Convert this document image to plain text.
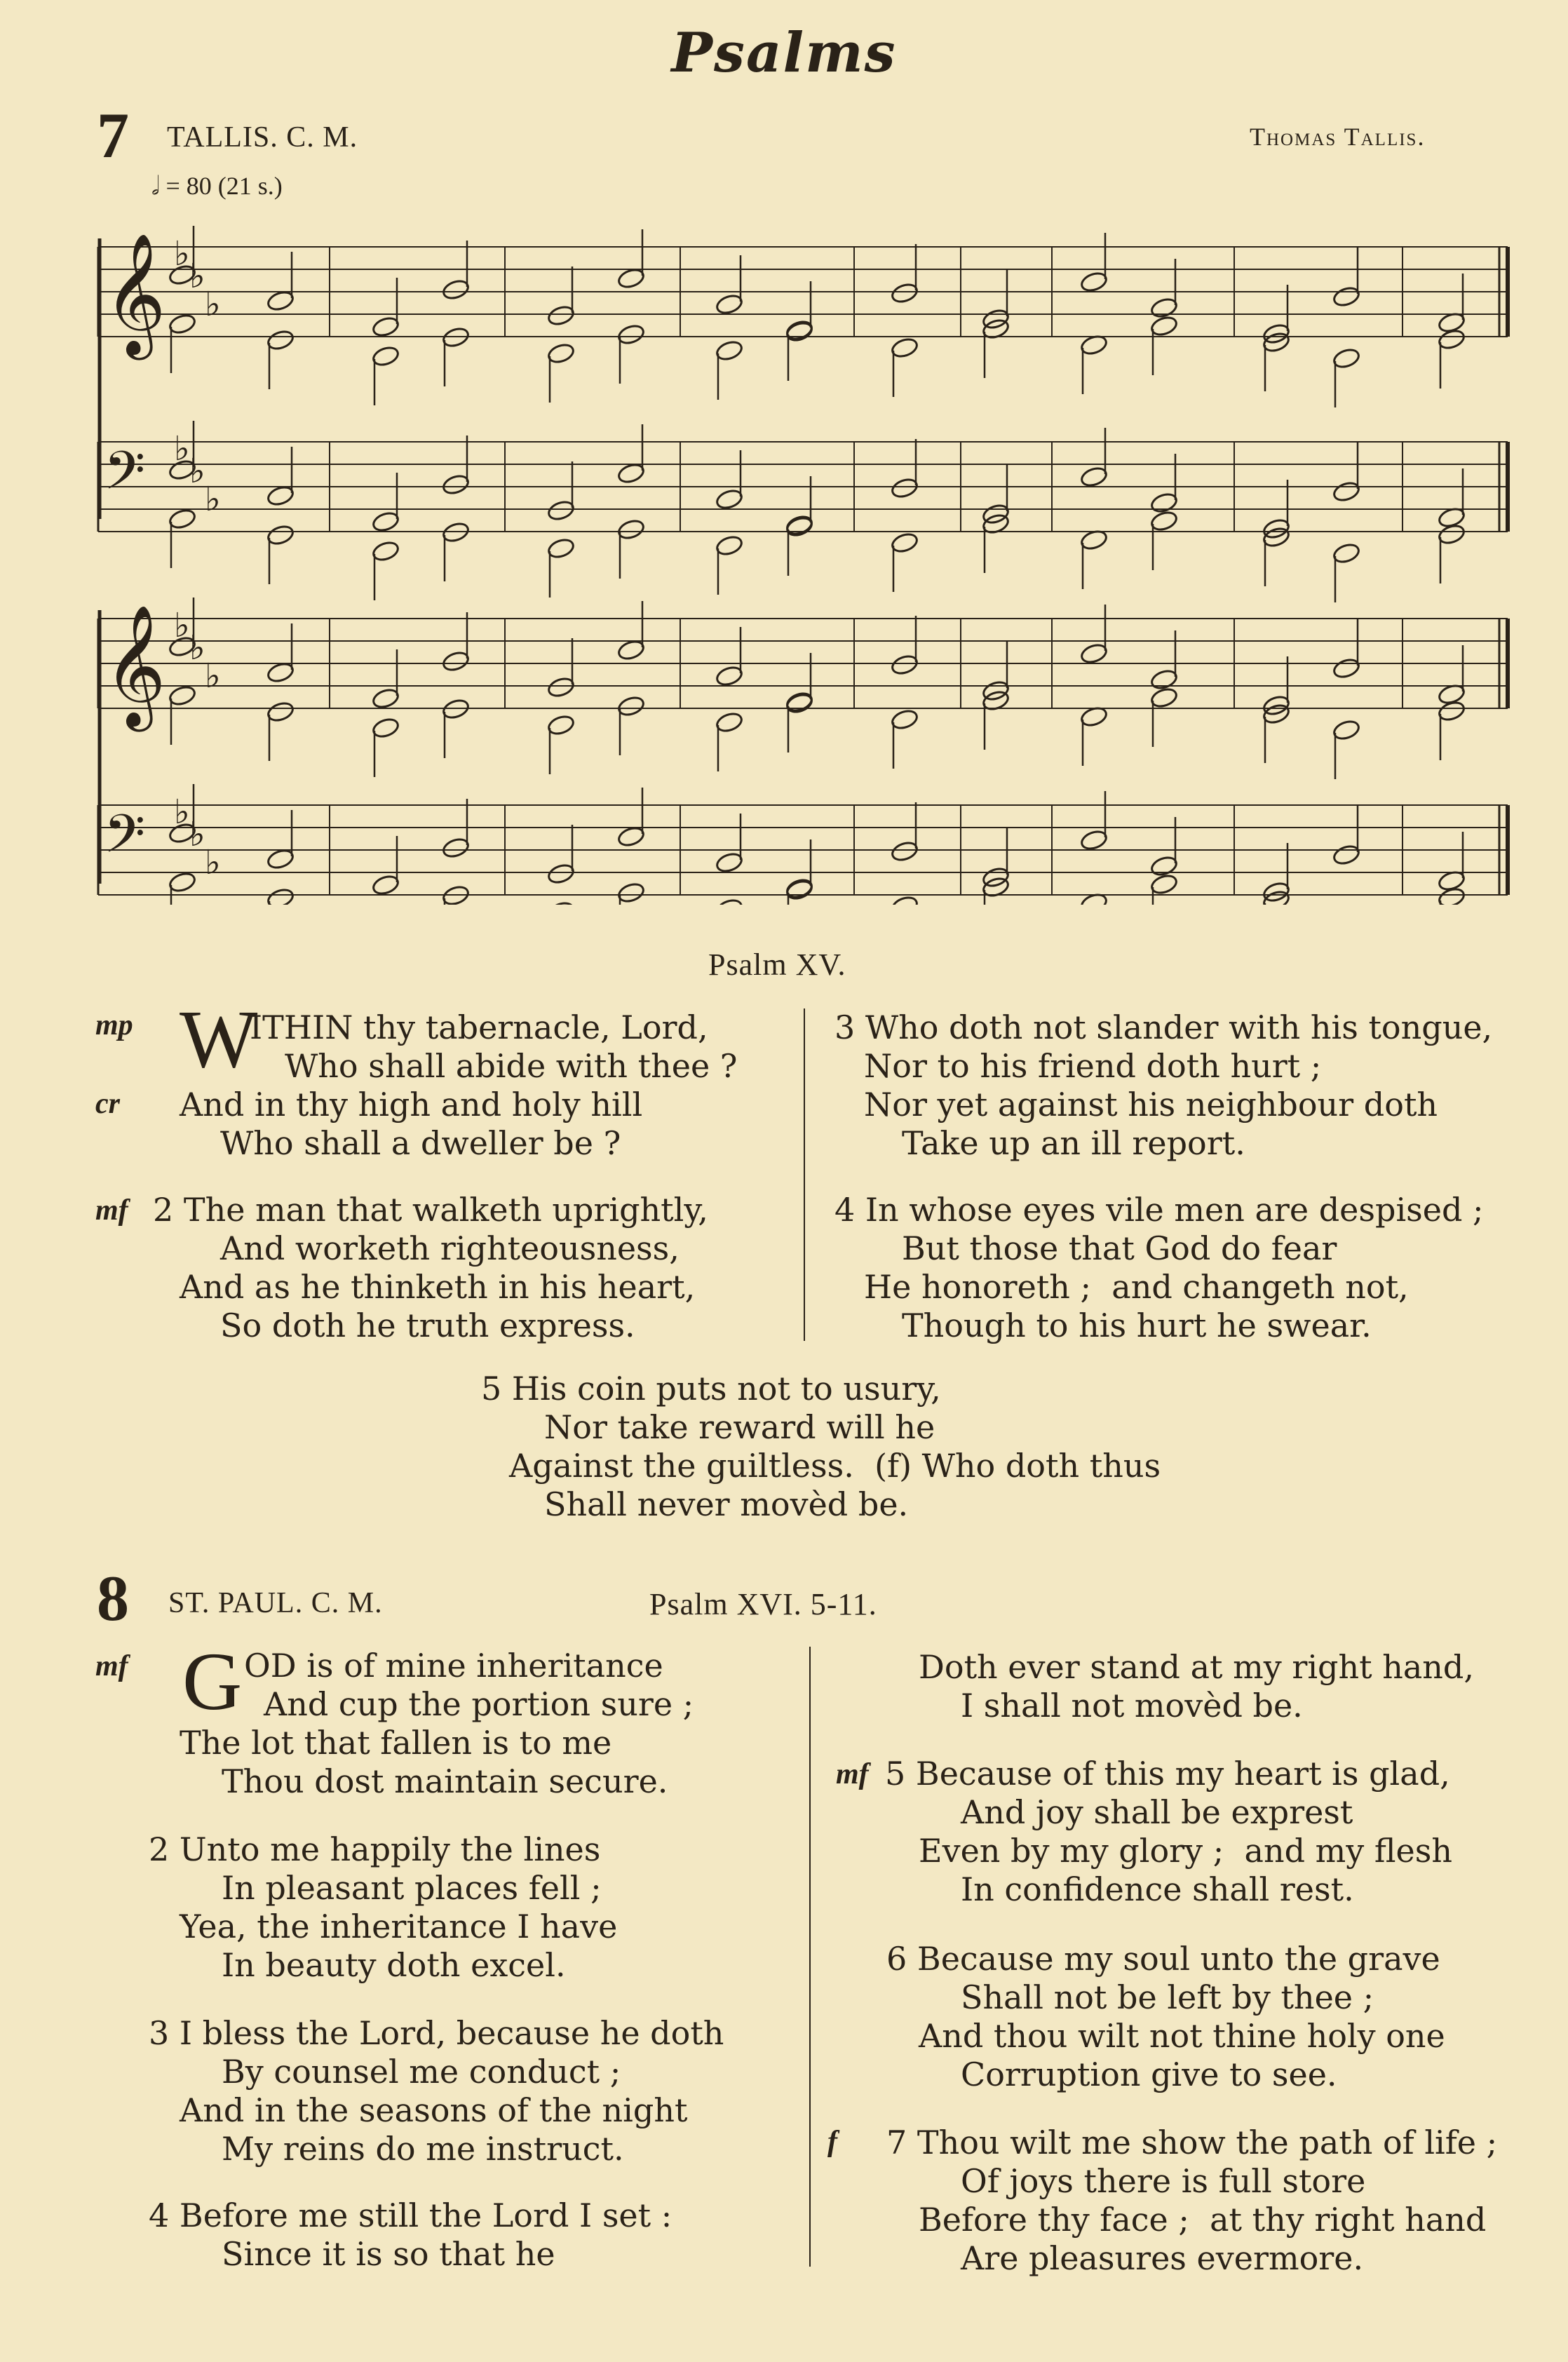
Psalms
7 TALLIS. C. M.	Thomas Tallis.
𝅗𝅥 = 80 (21 s.)
𝄞 ♭
♭
♭
𝄢 ♭
♭
♭
𝄞 ♭
♭
♭
𝄢 ♭
♭
♭
Psalm XV.
mp W
ITHIN thy tabernacle, Lord,
Who shall abide with thee ?
cr And in thy high and holy hill
Who shall a dweller be ?
mf 2 The man that walketh uprightly,
And worketh righteousness,
And as he thinketh in his heart,
So doth he truth express.
3 Who doth not slander with his tongue,
Nor to his friend doth hurt ;
Nor yet against his neighbour doth
Take up an ill report.
4 In whose eyes vile men are despised ;
But those that God do fear
He honoreth ;  and changeth not,
Though to his hurt he swear.
5 His coin puts not to usury,
Nor take reward will he
Against the guiltless.  (f) Who doth thus
Shall never movèd be.
8 ST. PAUL. C. M.	Psalm XVI. 5-11.
mf G OD is of mine inheritance
And cup the portion sure ;
The lot that fallen is to me
Thou dost maintain secure.
2 Unto me happily the lines
In pleasant places fell ;
Yea, the inheritance I have
In beauty doth excel.
3 I bless the Lord, because he doth
By counsel me conduct ;
And in the seasons of the night
My reins do me instruct.
4 Before me still the Lord I set :
Since it is so that he
Doth ever stand at my right hand,
I shall not movèd be.
mf 5 Because of this my heart is glad,
And joy shall be exprest
Even by my glory ;  and my flesh
In confidence shall rest.
6 Because my soul unto the grave
Shall not be left by thee ;
And thou wilt not thine holy one
Corruption give to see.
f 7 Thou wilt me show the path of life ;
Of joys there is full store
Before thy face ;  at thy right hand
Are pleasures evermore.
